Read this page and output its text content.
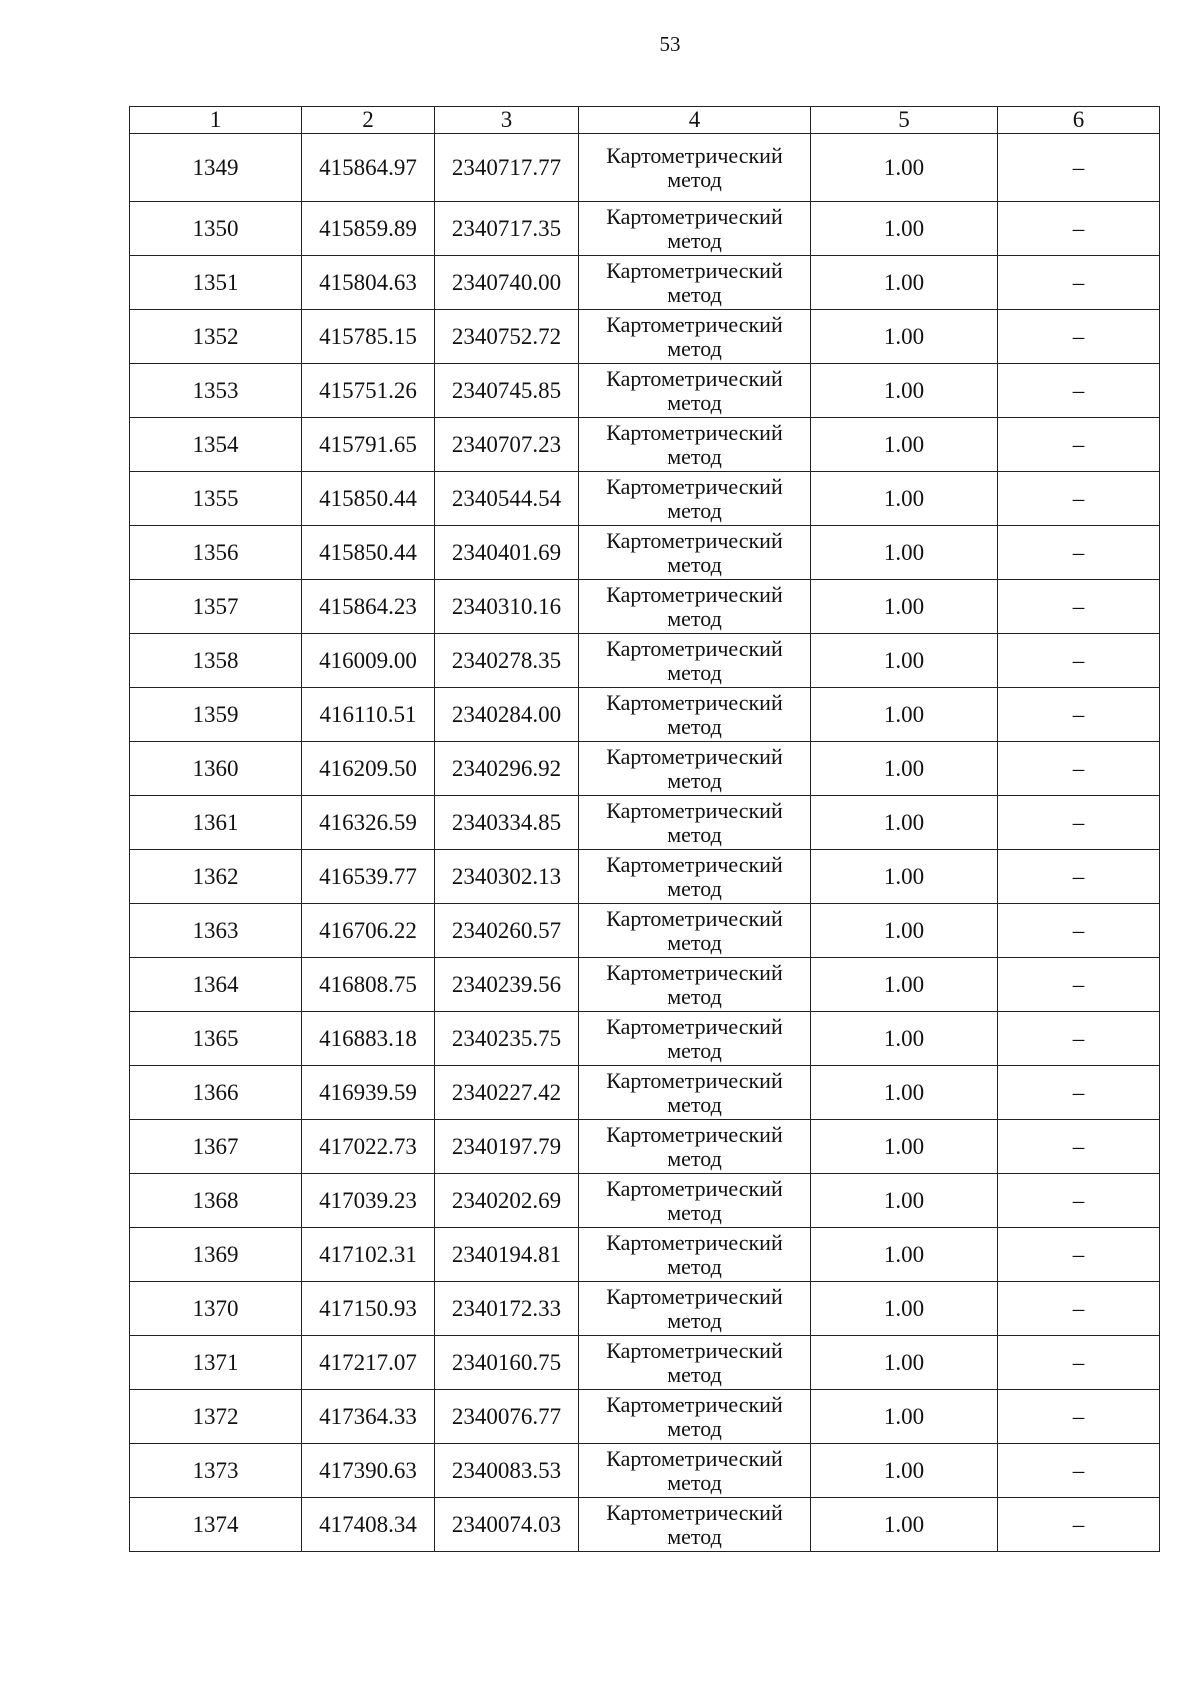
53
1	2	3	4	5	6
1349	415864.97	2340717.77	Картометрический метод	1.00	–
1350	415859.89	2340717.35	Картометрический метод	1.00	–
1351	415804.63	2340740.00	Картометрический метод	1.00	–
1352	415785.15	2340752.72	Картометрический метод	1.00	–
1353	415751.26	2340745.85	Картометрический метод	1.00	–
1354	415791.65	2340707.23	Картометрический метод	1.00	–
1355	415850.44	2340544.54	Картометрический метод	1.00	–
1356	415850.44	2340401.69	Картометрический метод	1.00	–
1357	415864.23	2340310.16	Картометрический метод	1.00	–
1358	416009.00	2340278.35	Картометрический метод	1.00	–
1359	416110.51	2340284.00	Картометрический метод	1.00	–
1360	416209.50	2340296.92	Картометрический метод	1.00	–
1361	416326.59	2340334.85	Картометрический метод	1.00	–
1362	416539.77	2340302.13	Картометрический метод	1.00	–
1363	416706.22	2340260.57	Картометрический метод	1.00	–
1364	416808.75	2340239.56	Картометрический метод	1.00	–
1365	416883.18	2340235.75	Картометрический метод	1.00	–
1366	416939.59	2340227.42	Картометрический метод	1.00	–
1367	417022.73	2340197.79	Картометрический метод	1.00	–
1368	417039.23	2340202.69	Картометрический метод	1.00	–
1369	417102.31	2340194.81	Картометрический метод	1.00	–
1370	417150.93	2340172.33	Картометрический метод	1.00	–
1371	417217.07	2340160.75	Картометрический метод	1.00	–
1372	417364.33	2340076.77	Картометрический метод	1.00	–
1373	417390.63	2340083.53	Картометрический метод	1.00	–
1374	417408.34	2340074.03	Картометрический метод	1.00	–
